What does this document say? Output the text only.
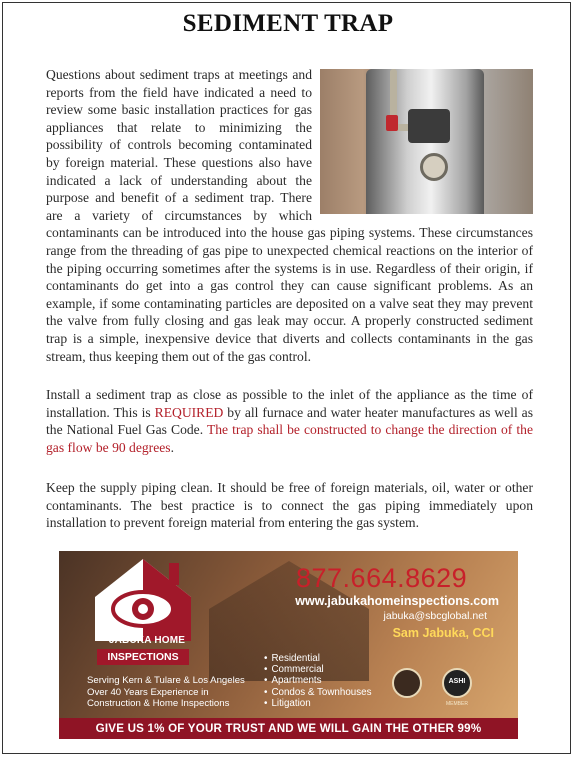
SEDIMENT TRAP
Questions about sediment traps at meetings and reports from the field have indicated a need to review some basic installation practices for gas appliances that relate to minimizing the possibility of controls becoming contaminated by foreign material. These questions also have indicated a lack of understanding about the purpose and benefit of a sediment trap. There are a variety of circumstances by which contaminants can be introduced into the house gas piping systems. These circumstances range from the threading of gas pipe to unexpected chemical reactions on the interior of the piping occurring sometimes after the systems is in use. Regardless of their origin, if contaminants do get into a gas control they can cause significant problems. As an example, if some contaminating particles are deposited on a valve seat they may prevent the valve from fully closing and gas leak may occur. A properly constructed sediment trap is a simple, inexpensive device that diverts and collects contaminants in the gas stream, thus keeping them out of the gas control.

Install a sediment trap as close as possible to the inlet of the appliance as the time of installation. This is REQUIRED by all furnace and water heater manufactures as well as the National Fuel Gas Code. The trap shall be constructed to change the direction of the gas flow be 90 degrees.

Keep the supply piping clean. It should be free of foreign materials, oil, water or other contaminants. The best practice is to connect the gas piping immediately upon installation to prevent foreign material from entering the gas system.

JABUKA HOME
INSPECTIONS
877.664.8629
www.jabukahomeinspections.com
jabuka@sbcglobal.net
Sam Jabuka, CCI
Serving Kern & Tulare & Los Angeles
Over 40 Years Experience in
Construction & Home Inspections
• Residential
• Commercial
• Apartments
• Condos & Townhouses
• Litigation
ASHI	MEMBER
GIVE US 1% OF YOUR TRUST AND WE WILL GAIN THE OTHER 99%
